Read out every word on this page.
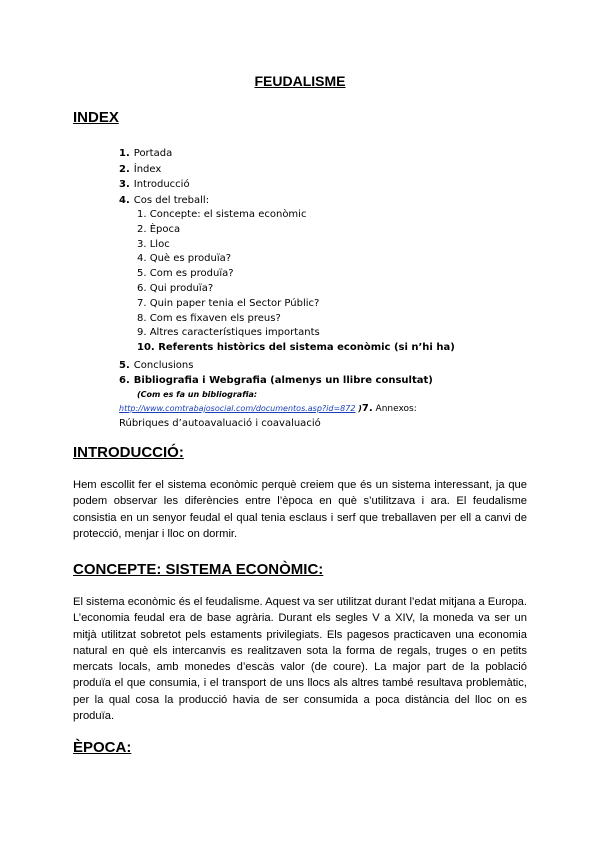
FEUDALISME
INDEX
1. Portada
2. Índex
3. Introducció
4. Cos del treball:
1. Concepte: el sistema econòmic
2. Època
3. Lloc
4. Què es produïa?
5. Com es produïa?
6. Qui produïa?
7. Quin paper tenia el Sector Públic?
8. Com es fixaven els preus?
9. Altres característiques importants
10. Referents històrics del sistema econòmic (si n’hi ha)
5. Conclusions
6. Bibliografia i Webgrafia (almenys un llibre consultat)
(Com es fa un bibliografia:
http://www.comtrabajosocial.com/documentos.asp?id=872 )7. Annexos:
Rúbriques d’autoavaluació i coavaluació
INTRODUCCIÓ:
Hem escollit fer el sistema econòmic perquè creiem que és un sistema interessant, ja que podem observar les diferències entre l’època en què s’utilitzava i ara. El feudalisme consistia en un senyor feudal el qual tenia esclaus i serf que treballaven per ell a canvi de protecció, menjar i lloc on dormir.
CONCEPTE: SISTEMA ECONÒMIC:
El sistema econòmic és el feudalisme. Aquest va ser utilitzat durant l’edat mitjana a Europa. L’economia feudal era de base agrària. Durant els segles V a XIV, la moneda va ser un mitjà utilitzat sobretot pels estaments privilegiats. Els pagesos practicaven una economia natural en què els intercanvis es realitzaven sota la forma de regals, truges o en petits mercats locals, amb monedes d’escàs valor (de coure). La major part de la població produïa el que consumia, i el transport de uns llocs als altres també resultava problemàtic, per la qual cosa la producció havia de ser consumida a poca distància del lloc on es produïa.
ÈPOCA:
